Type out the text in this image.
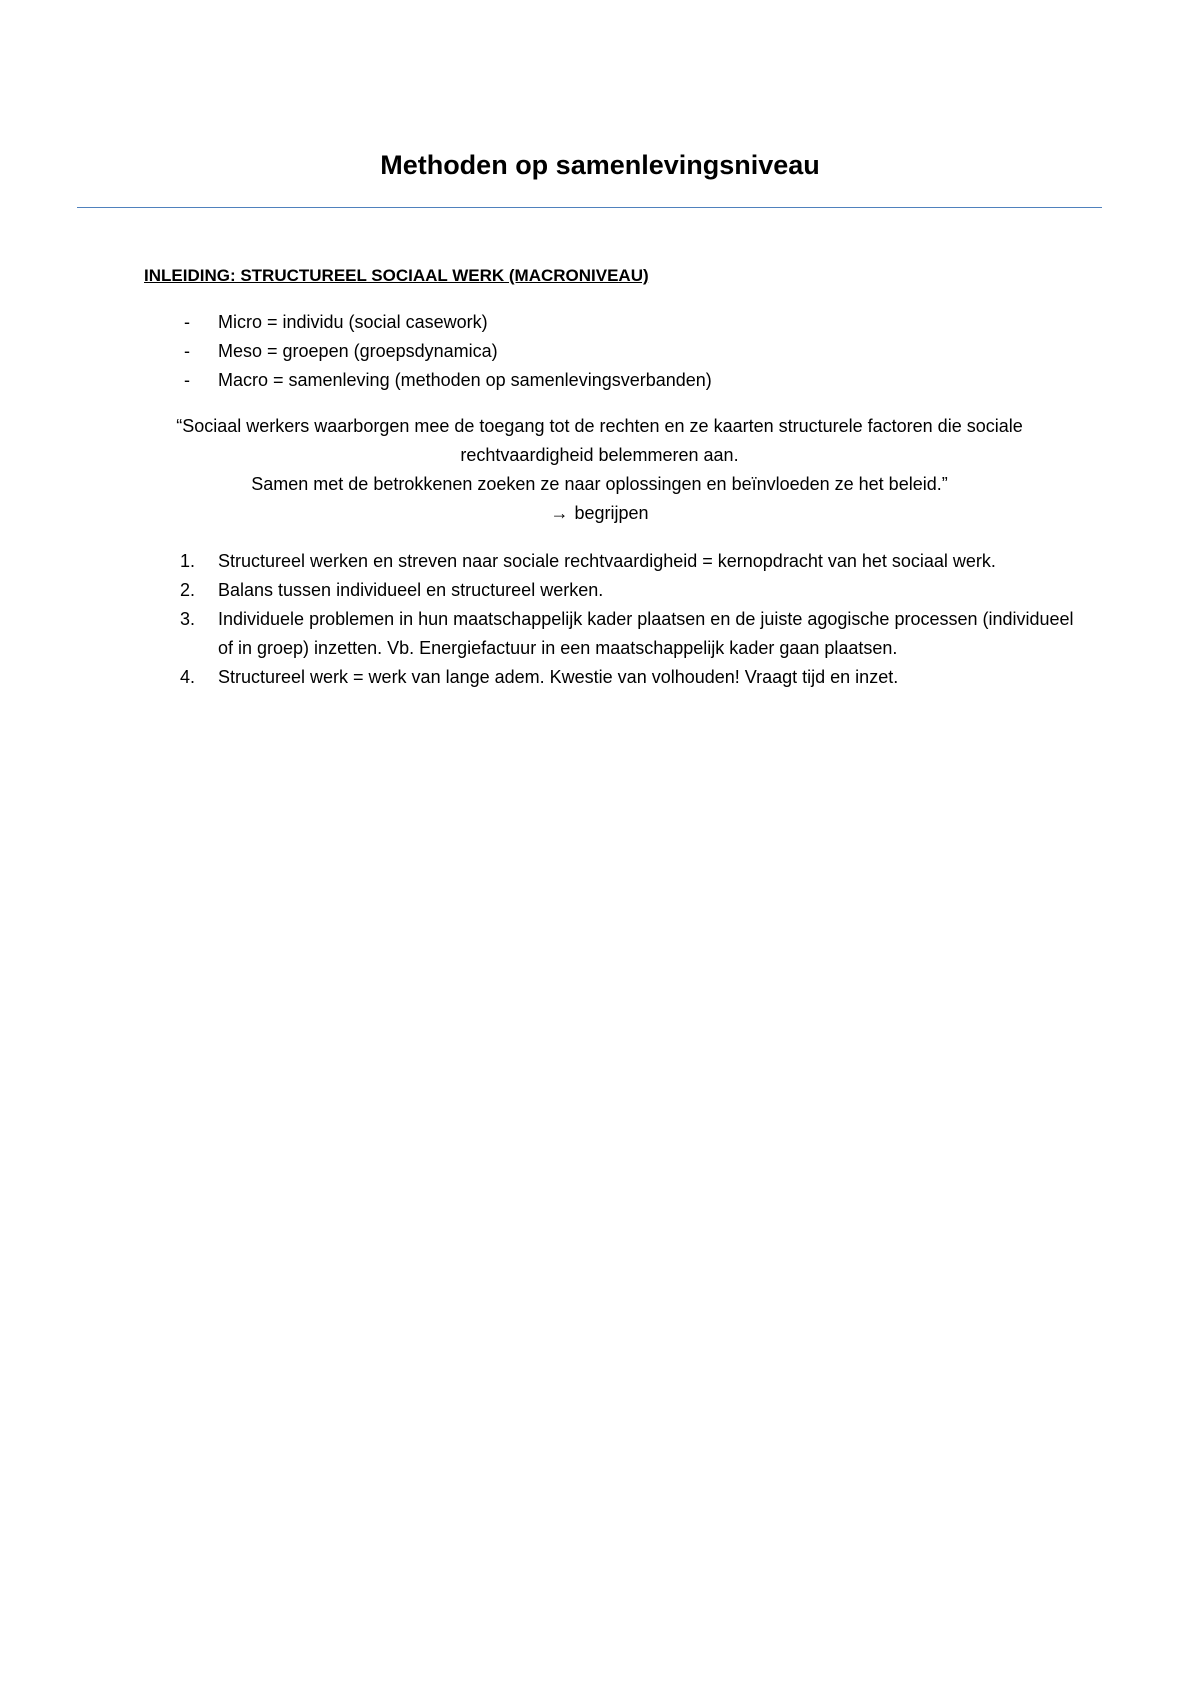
Methoden op samenlevingsniveau
INLEIDING: STRUCTUREEL SOCIAAL WERK (MACRONIVEAU)
- Micro = individu (social casework)
- Meso = groepen (groepsdynamica)
- Macro = samenleving (methoden op samenlevingsverbanden)

“Sociaal werkers waarborgen mee de toegang tot de rechten en ze kaarten structurele factoren die sociale rechtvaardigheid belemmeren aan.

Samen met de betrokkenen zoeken ze naar oplossingen en beïnvloeden ze het beleid.”

→ begrijpen

1. Structureel werken en streven naar sociale rechtvaardigheid = kernopdracht van het sociaal werk.
2. Balans tussen individueel en structureel werken.
3. Individuele problemen in hun maatschappelijk kader plaatsen en de juiste agogische processen (individueel of in groep) inzetten. Vb. Energiefactuur in een maatschappelijk kader gaan plaatsen.
4. Structureel werk = werk van lange adem. Kwestie van volhouden! Vraagt tijd en inzet.
